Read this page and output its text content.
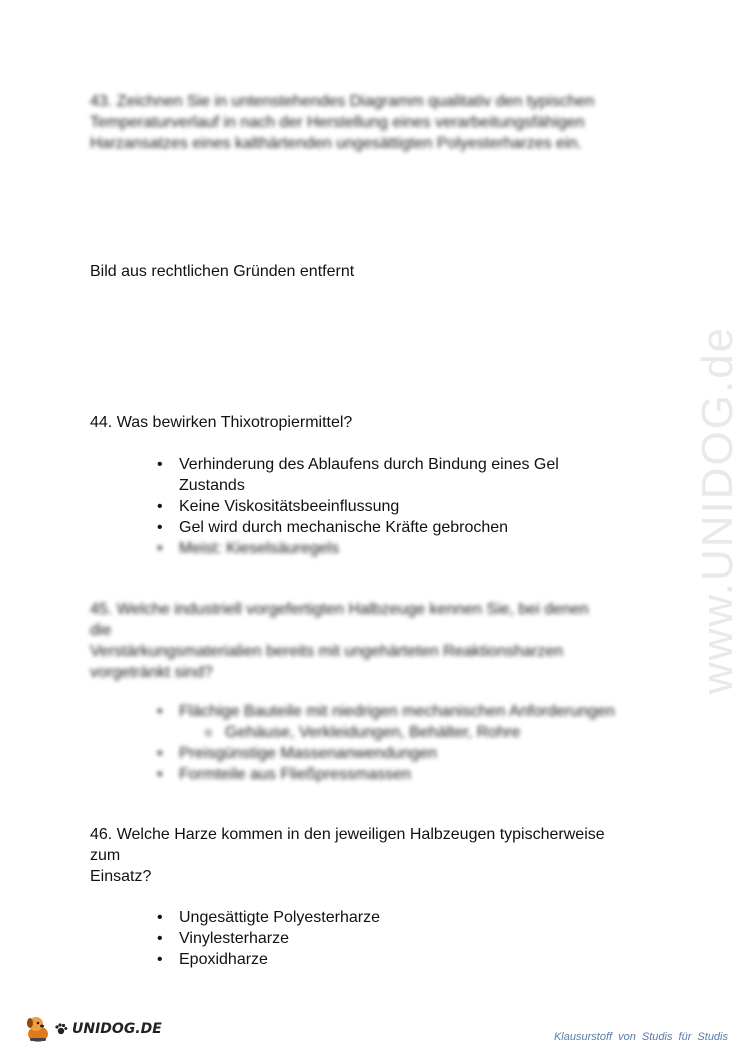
www.UNIDOG.de
43. Zeichnen Sie in untenstehendes Diagramm qualitativ den typischen
Temperaturverlauf in nach der Herstellung eines verarbeitungsfähigen
Harzansatzes eines kalthärtenden ungesättigten Polyesterharzes ein.

Bild aus rechtlichen Gründen entfernt

44. Was bewirken Thixotropiermittel?

• Verhinderung des Ablaufens durch Bindung eines Gel
Zustands
• Keine Viskositätsbeeinflussung
• Gel wird durch mechanische Kräfte gebrochen
• Meist: Kieselsäuregels
45. Welche industriell vorgefertigten Halbzeuge kennen Sie, bei denen
die
Verstärkungsmaterialien bereits mit ungehärteten Reaktionsharzen
vorgetränkt sind?
• Flächige Bauteile mit niedrigen mechanischen Anforderungen
o Gehäuse, Verkleidungen, Behälter, Rohre
• Preisgünstige Massenanwendungen
• Formteile aus Fließpressmassen
46. Welche Harze kommen in den jeweiligen Halbzeugen typischerweise
zum
Einsatz?
• Ungesättigte Polyesterharze
• Vinylesterharze
• Epoxidharze
UNIDOG.DE	Klausurstoff von Studis für Studis
